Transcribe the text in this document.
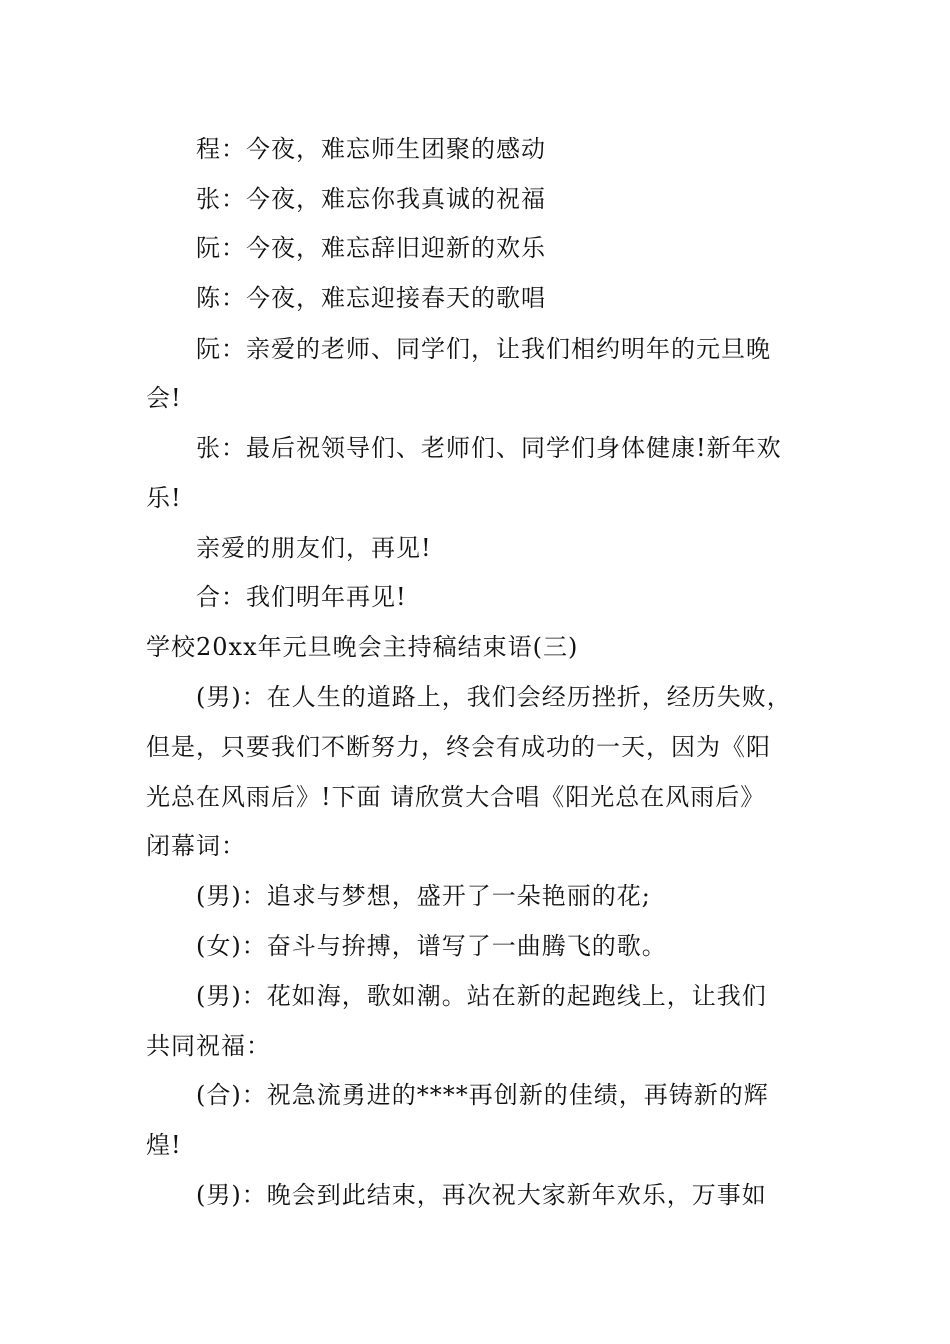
程：今夜，难忘师生团聚的感动
张：今夜，难忘你我真诚的祝福
阮：今夜，难忘辞旧迎新的欢乐
陈：今夜，难忘迎接春天的歌唱
阮：亲爱的老师、同学们，让我们相约明年的元旦晚
会!
张：最后祝领导们、老师们、同学们身体健康!新年欢
乐!
亲爱的朋友们，再见!
合：我们明年再见!
学校20xx年元旦晚会主持稿结束语(三)
(男)：在人生的道路上，我们会经历挫折，经历失败，
但是，只要我们不断努力，终会有成功的一天，因为《阳
光总在风雨后》!下面 请欣赏大合唱《阳光总在风雨后》
闭幕词：
(男)：追求与梦想，盛开了一朵艳丽的花;
(女)：奋斗与拚搏，谱写了一曲腾飞的歌。
(男)：花如海，歌如潮。站在新的起跑线上，让我们
共同祝福：
(合)：祝急流勇进的****再创新的佳绩，再铸新的辉
煌!
(男)：晚会到此结束，再次祝大家新年欢乐，万事如
